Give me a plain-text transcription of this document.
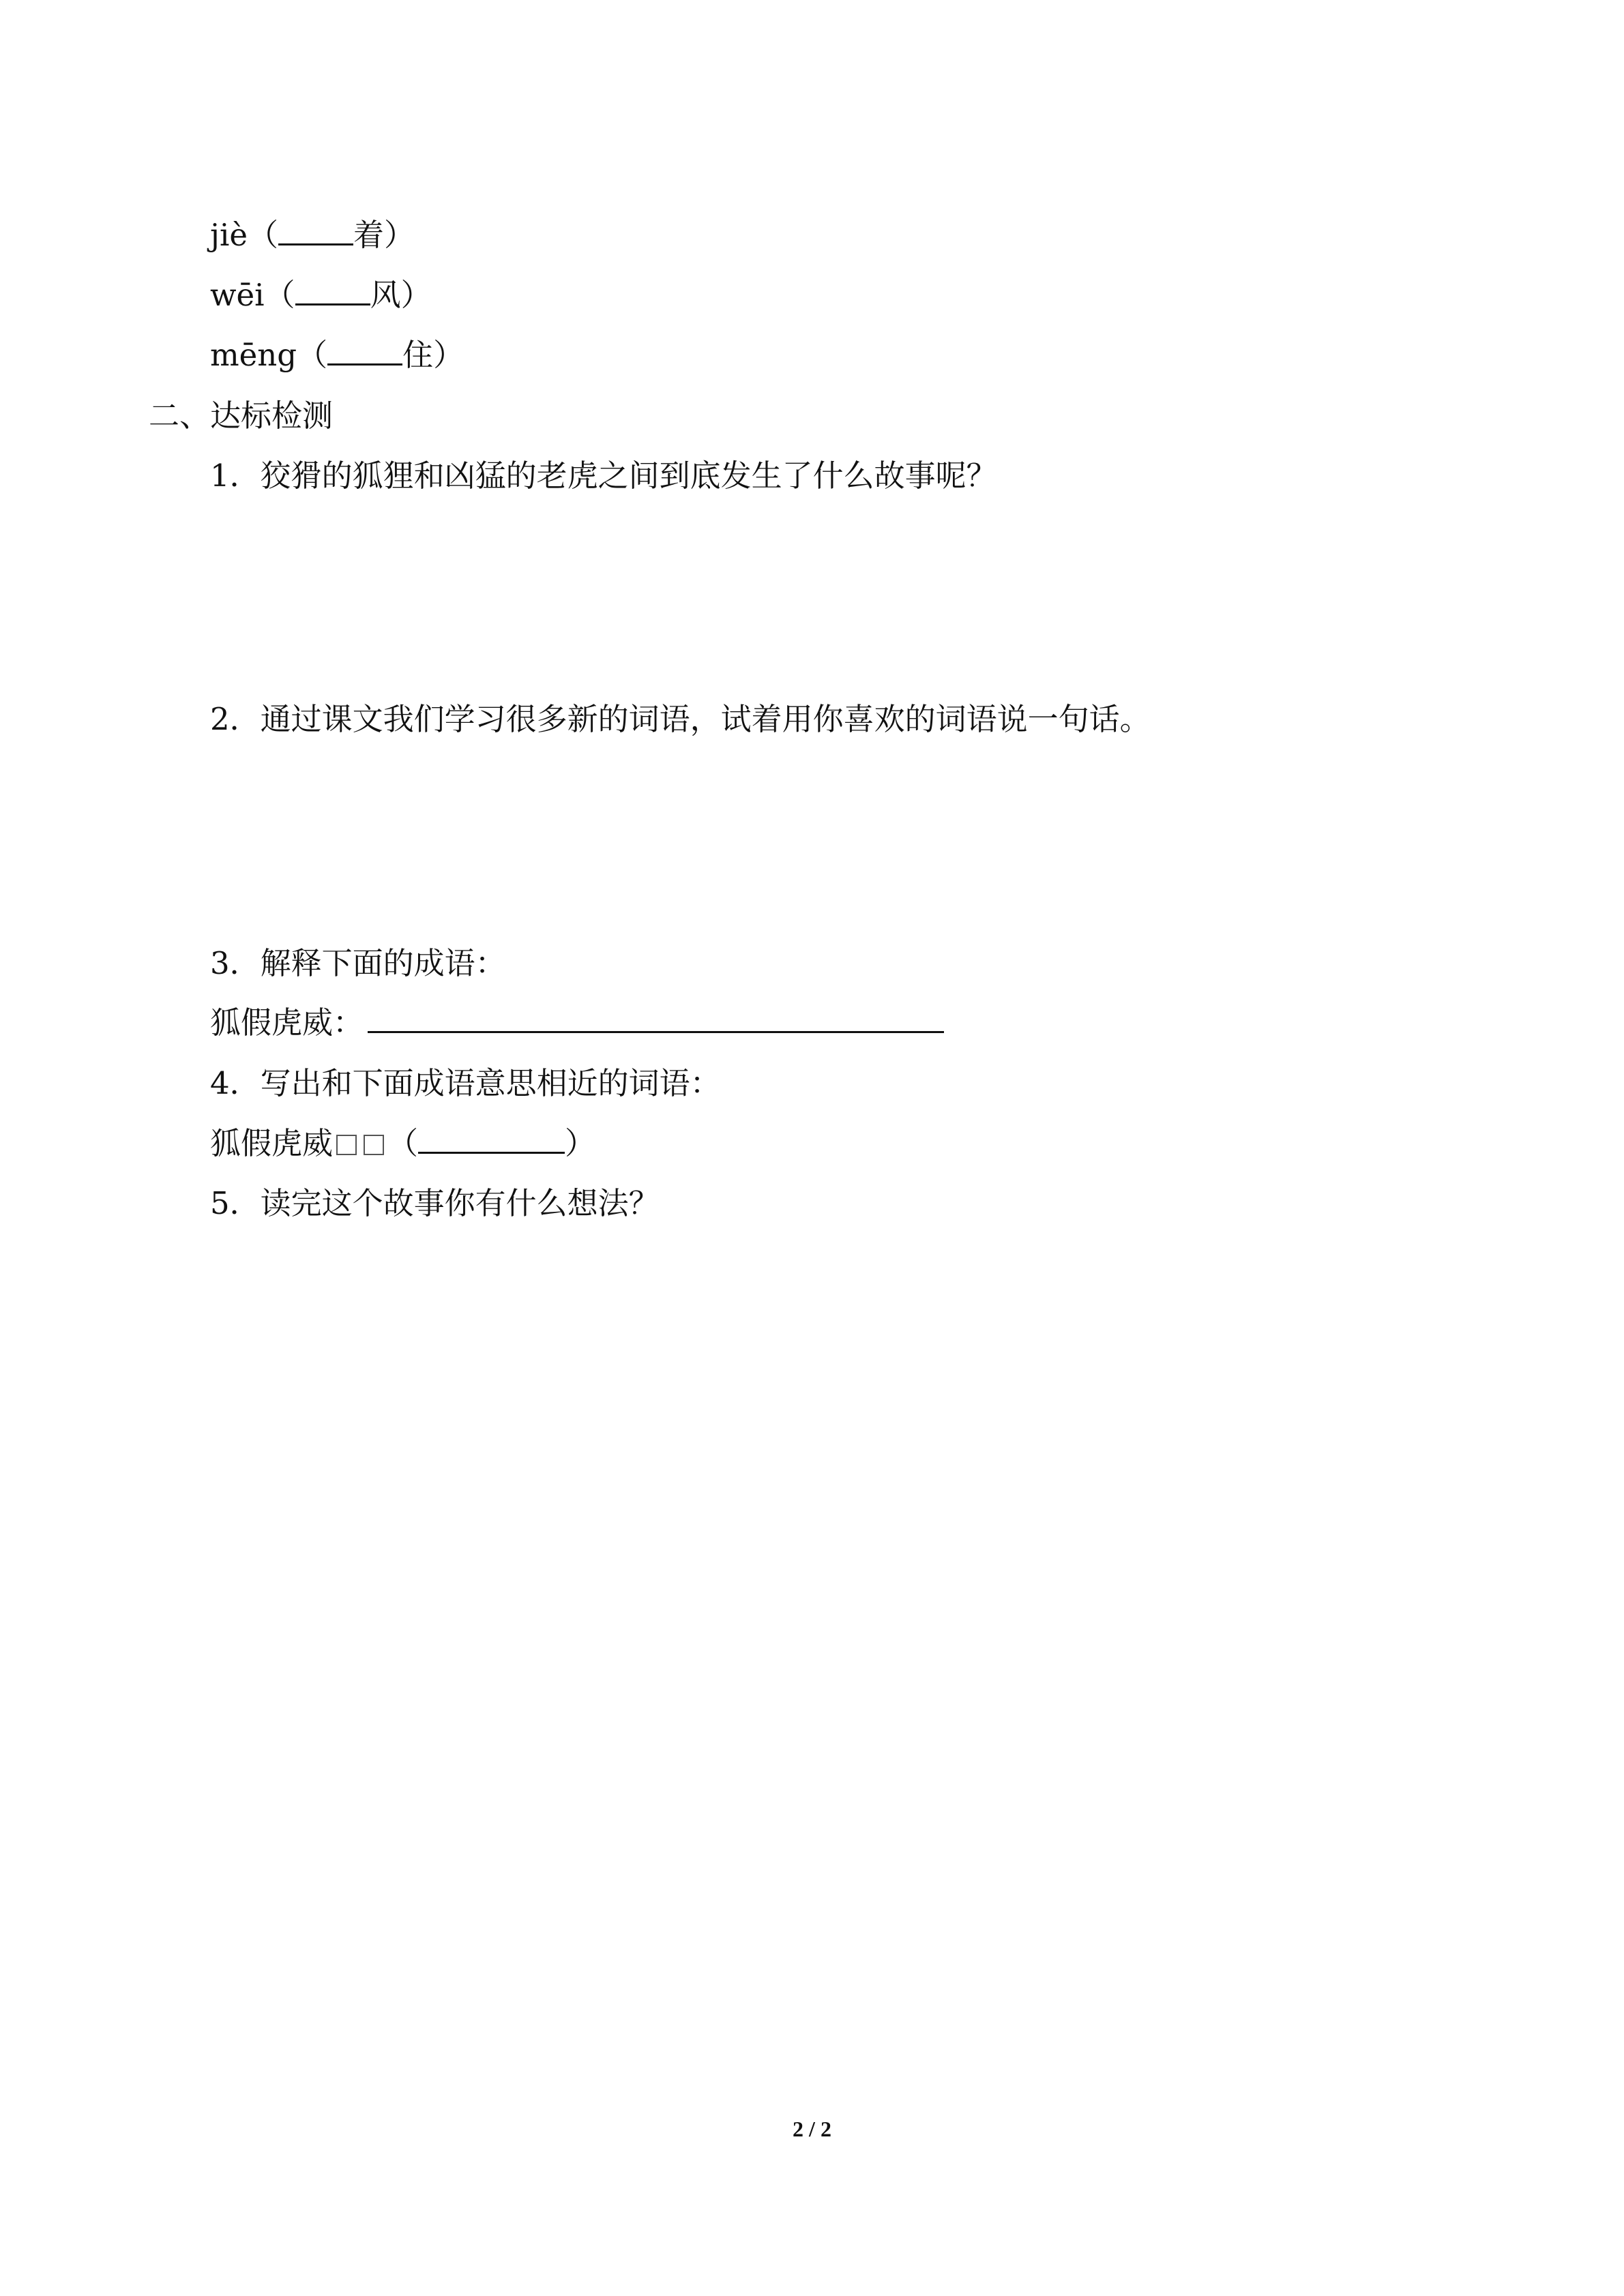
jiè（ 着）
wēi（ 风）
mēng（ 住）
二、达标检测
1．狡猾的狐狸和凶猛的老虎之间到底发生了什么故事呢？
2．通过课文我们学习很多新的词语，试着用你喜欢的词语说一句话。
3．解释下面的成语：
狐假虎威：
4．写出和下面成语意思相近的词语：
狐假虎威 （	）
5．读完这个故事你有什么想法？
2 / 2
